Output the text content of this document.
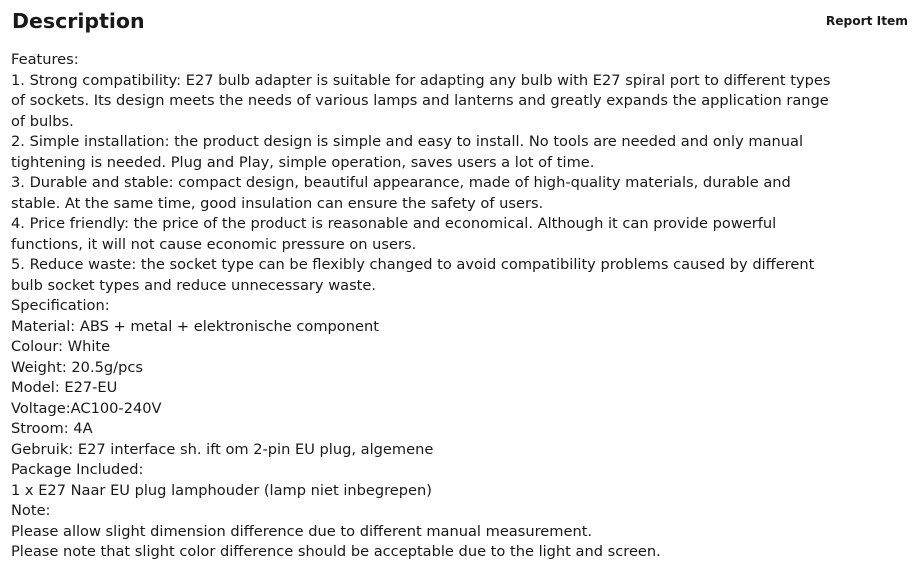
Description	Report Item
Features:
1. Strong compatibility: E27 bulb adapter is suitable for adapting any bulb with E27 spiral port to different types
of sockets. Its design meets the needs of various lamps and lanterns and greatly expands the application range
of bulbs.
2. Simple installation: the product design is simple and easy to install. No tools are needed and only manual
tightening is needed. Plug and Play, simple operation, saves users a lot of time.
3. Durable and stable: compact design, beautiful appearance, made of high-quality materials, durable and
stable. At the same time, good insulation can ensure the safety of users.
4. Price friendly: the price of the product is reasonable and economical. Although it can provide powerful
functions, it will not cause economic pressure on users.
5. Reduce waste: the socket type can be flexibly changed to avoid compatibility problems caused by different
bulb socket types and reduce unnecessary waste.
Specification:
Material: ABS + metal + elektronische component
Colour: White
Weight: 20.5g/pcs
Model: E27-EU
Voltage:AC100-240V
Stroom: 4A
Gebruik: E27 interface sh. ift om 2-pin EU plug, algemene
Package Included:
1 x E27 Naar EU plug lamphouder (lamp niet inbegrepen)
Note:
Please allow slight dimension difference due to different manual measurement.
Please note that slight color difference should be acceptable due to the light and screen.
